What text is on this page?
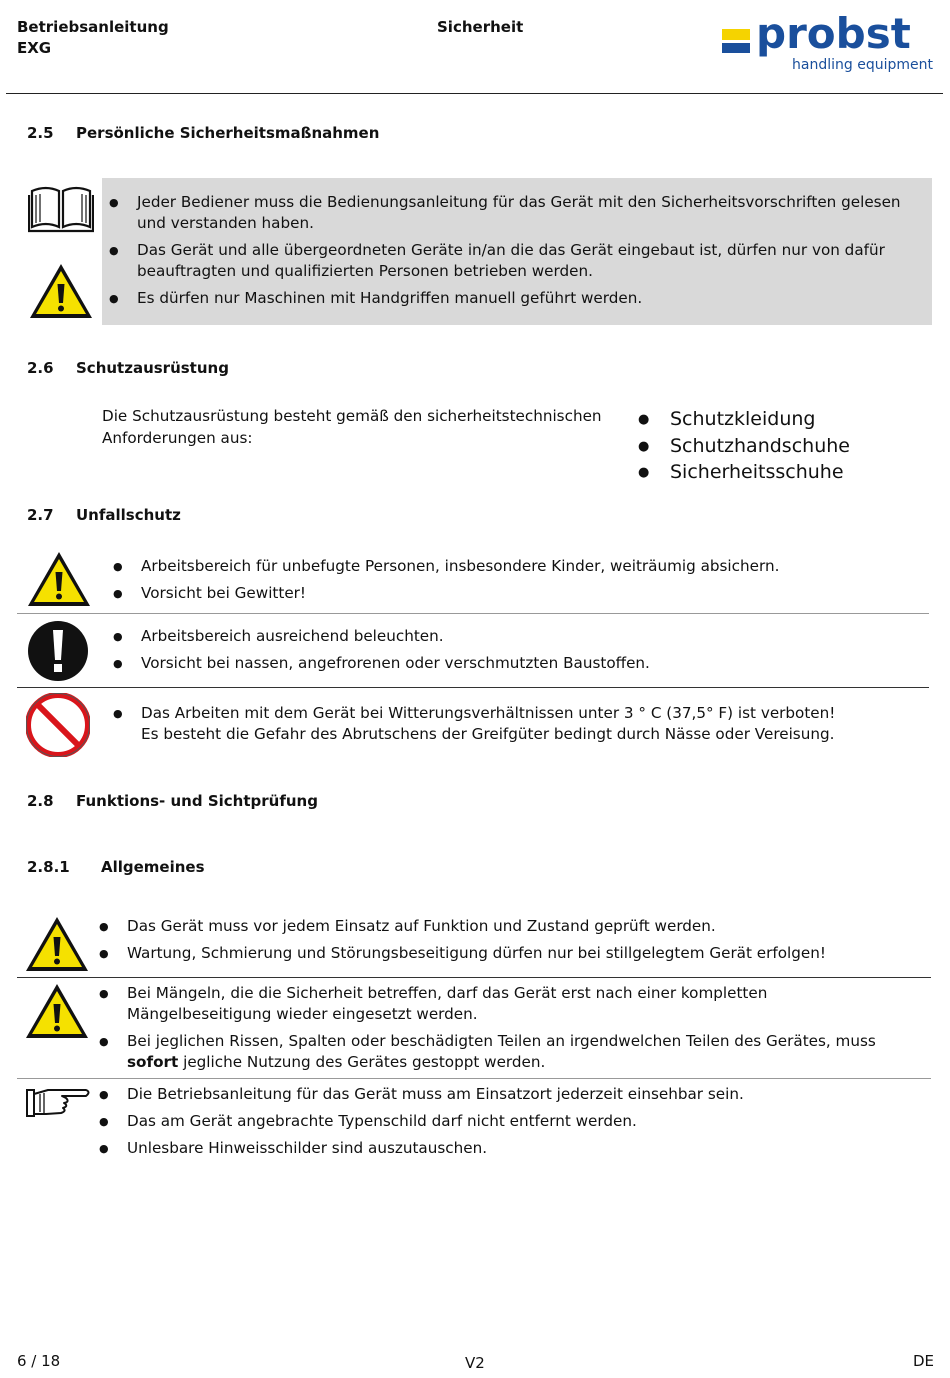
Betriebsanleitung
EXG
Sicherheit	probst
handling equipment
2.5 Persönliche Sicherheitsmaßnahmen
● Jeder Bediener muss die Bedienungsanleitung für das Gerät mit den Sicherheitsvorschriften gelesen und verstanden haben.
● Das Gerät und alle übergeordneten Geräte in/an die das Gerät eingebaut ist, dürfen nur von dafür beauftragten und qualifizierten Personen betrieben werden.
● Es dürfen nur Maschinen mit Handgriffen manuell geführt werden.
2.6 Schutzausrüstung
Die Schutzausrüstung besteht gemäß den sicherheitstechnischen Anforderungen aus:
● Schutzkleidung
● Schutzhandschuhe
● Sicherheitsschuhe
2.7 Unfallschutz
● Arbeitsbereich für unbefugte Personen, insbesondere Kinder, weiträumig absichern.
● Vorsicht bei Gewitter!
● Arbeitsbereich ausreichend beleuchten.
● Vorsicht bei nassen, angefrorenen oder verschmutzten Baustoffen.
● Das Arbeiten mit dem Gerät bei Witterungsverhältnissen unter 3 ° C (37,5° F) ist verboten!
Es besteht die Gefahr des Abrutschens der Greifgüter bedingt durch Nässe oder Vereisung.
2.8 Funktions- und Sichtprüfung
2.8.1 Allgemeines
● Das Gerät muss vor jedem Einsatz auf Funktion und Zustand geprüft werden.
● Wartung, Schmierung und Störungsbeseitigung dürfen nur bei stillgelegtem Gerät erfolgen!
● Bei Mängeln, die die Sicherheit betreffen, darf das Gerät erst nach einer kompletten Mängelbeseitigung wieder eingesetzt werden.
● Bei jeglichen Rissen, Spalten oder beschädigten Teilen an irgendwelchen Teilen des Gerätes, muss sofort jegliche Nutzung des Gerätes gestoppt werden.
● Die Betriebsanleitung für das Gerät muss am Einsatzort jederzeit einsehbar sein.
● Das am Gerät angebrachte Typenschild darf nicht entfernt werden.
● Unlesbare Hinweisschilder sind auszutauschen.
6 / 18	V2	DE
